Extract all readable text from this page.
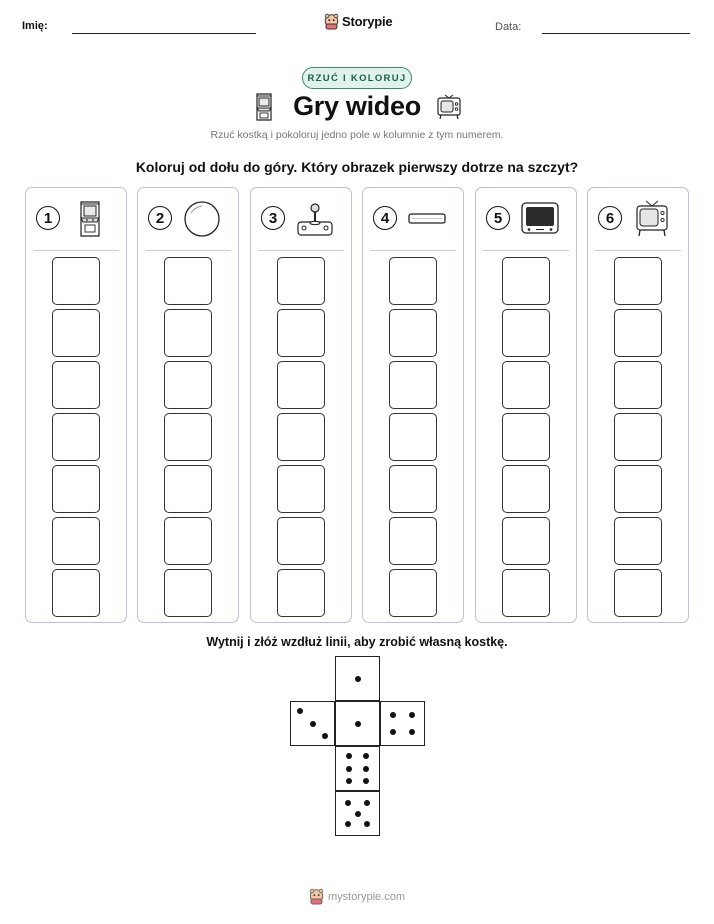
Imię:	Storypie	Data:
RZUĆ I KOLORUJ
Gry wideo
Rzuć kostką i pokoloruj jedno pole w kolumnie z tym numerem.
Koloruj od dołu do góry. Który obrazek pierwszy dotrze na szczyt?
1	2	3	4	5	6
Wytnij i złóż wzdłuż linii, aby zrobić własną kostkę.
mystorypie.com
